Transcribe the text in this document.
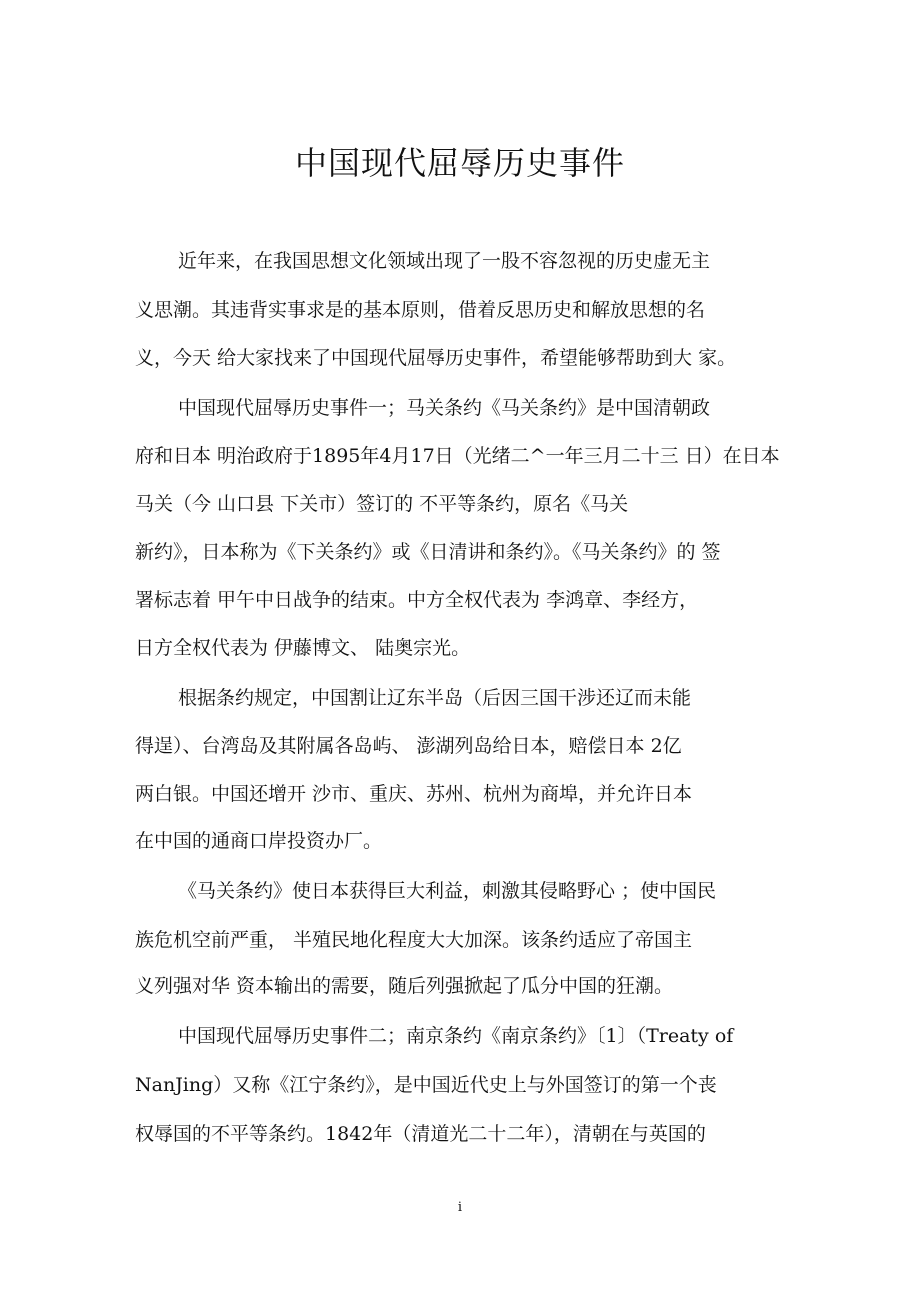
中国现代屈辱历史事件
近年来，在我国思想文化领域出现了一股不容忽视的历史虚无主
义思潮。其违背实事求是的基本原则，借着反思历史和解放思想的名
义，今天 给大家找来了中国现代屈辱历史事件，希望能够帮助到大 家。
中国现代屈辱历史事件一；马关条约《马关条约》是中国清朝政
府和日本 明治政府于1895年4月17日（光绪二^一年三月二十三 日）在日本
马关（今 山口县 下关市）签订的 不平等条约，原名《马关
新约》，日本称为《下关条约》或《日清讲和条约》。《马关条约》的 签
署标志着 甲午中日战争的结束。中方全权代表为 李鸿章、李经方，
日方全权代表为 伊藤博文、 陆奥宗光。
根据条约规定，中国割让辽东半岛（后因三国干涉还辽而未能
得逞）、台湾岛及其附属各岛屿、 澎湖列岛给日本，赔偿日本 2亿
两白银。中国还增开 沙市、重庆、苏州、杭州为商埠，并允许日本
在中国的通商口岸投资办厂。
《马关条约》使日本获得巨大利益，刺激其侵略野心 ；使中国民
族危机空前严重， 半殖民地化程度大大加深。该条约适应了帝国主
义列强对华 资本输出的需要，随后列强掀起了瓜分中国的狂潮。
中国现代屈辱历史事件二；南京条约《南京条约》〔1〕（Treaty of
NanJing）又称《江宁条约》，是中国近代史上与外国签订的第一个丧
权辱国的不平等条约。1842年（清道光二十二年），清朝在与英国的
i
